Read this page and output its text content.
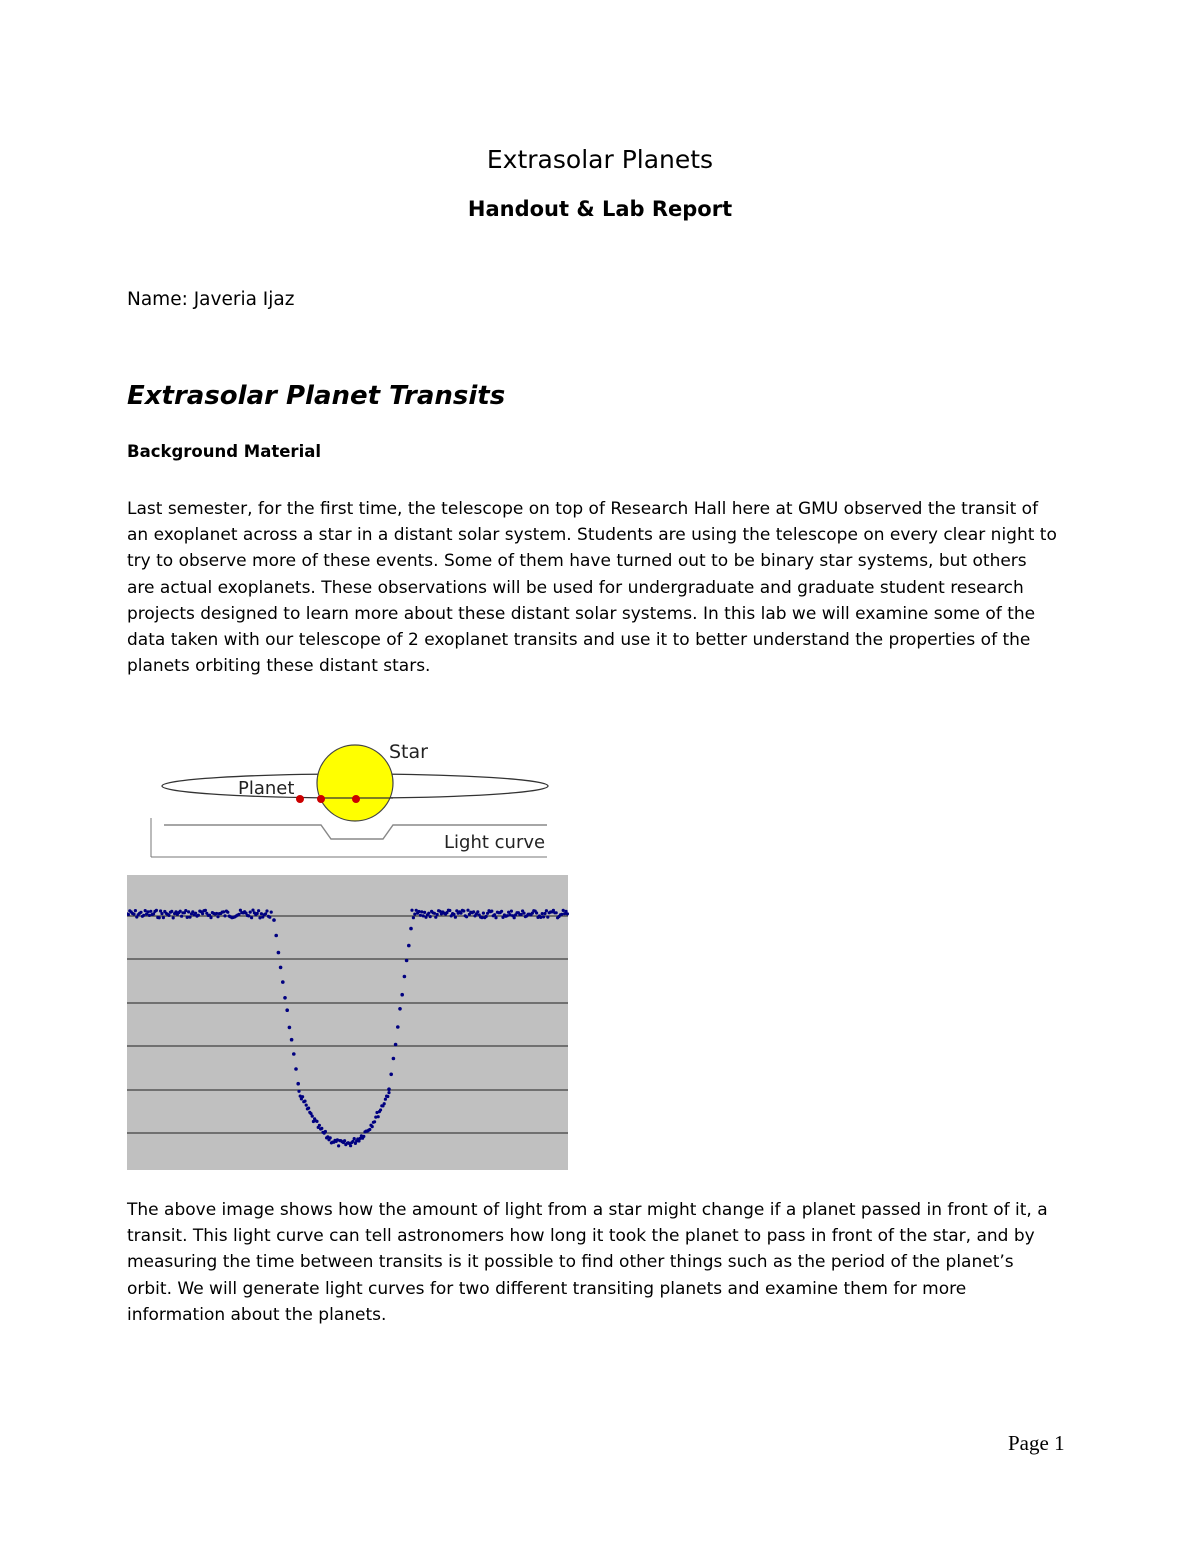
Extrasolar Planets
Handout & Lab Report
Name: Javeria Ijaz
Extrasolar Planet Transits
Background Material
Last semester, for the first time, the telescope on top of Research Hall here at GMU observed the transit of
an exoplanet across a star in a distant solar system. Students are using the telescope on every clear night to
try to observe more of these events. Some of them have turned out to be binary star systems, but others
are actual exoplanets. These observations will be used for undergraduate and graduate student research
projects designed to learn more about these distant solar systems. In this lab we will examine some of the
data taken with our telescope of 2 exoplanet transits and use it to better understand the properties of the
planets orbiting these distant stars.
Star
Planet
Light curve
The above image shows how the amount of light from a star might change if a planet passed in front of it, a
transit. This light curve can tell astronomers how long it took the planet to pass in front of the star, and by
measuring the time between transits is it possible to find other things such as the period of the planet’s
orbit. We will generate light curves for two different transiting planets and examine them for more
information about the planets.
Page 1
